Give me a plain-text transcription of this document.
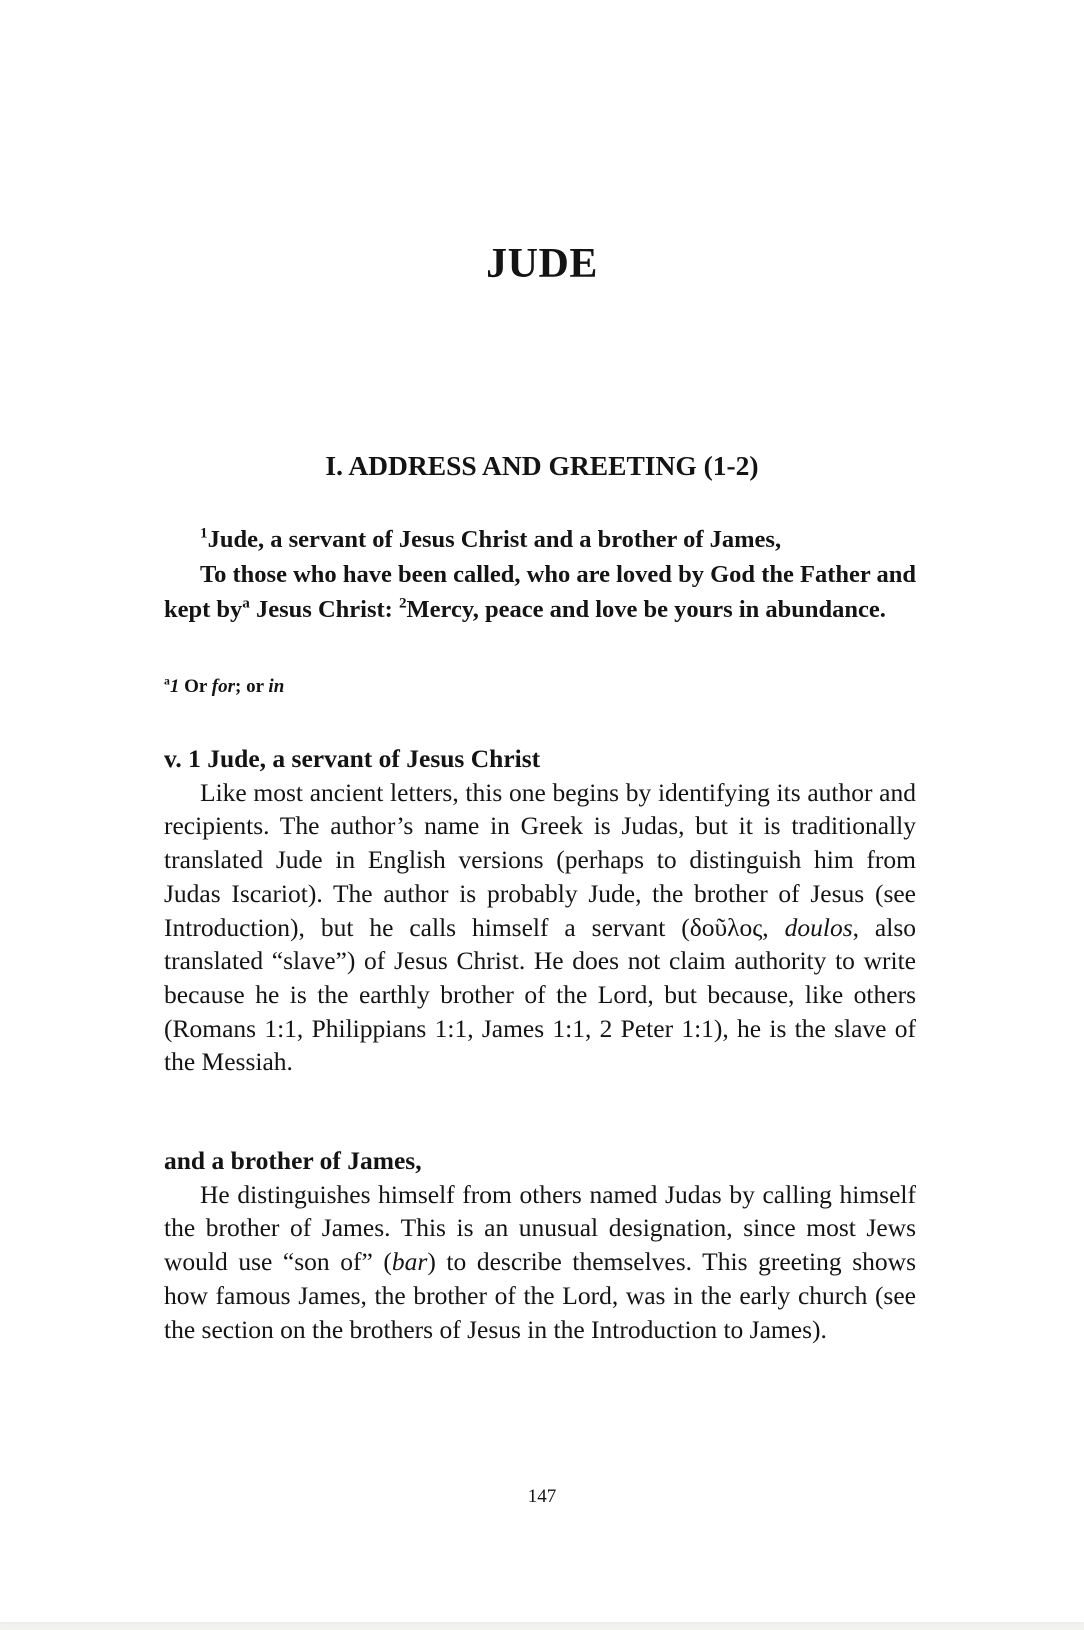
JUDE
I. ADDRESS AND GREETING (1-2)

$^1$Jude, a servant of Jesus Christ and a brother of James,

To those who have been called, who are loved by God the Father and kept $by^a$ Jesus Christ: $^2$Mercy, peace and love be yours in abundance.

$^a$1 Or for; or in

v. 1 Jude, a servant of Jesus Christ

Like most ancient letters, this one begins by identifying its author and recipients. The author’s name in Greek is Judas, but it is traditionally translated Jude in English versions (perhaps to distinguish him from Judas Iscariot). The author is probably Jude, the brother of Jesus (see Introduction), but he calls himself a servant (δοῦλος, doulos, also translated “slave”) of Jesus Christ. He does not claim authority to write because he is the earthly brother of the Lord, but because, like others (Romans 1:1, Philippians 1:1, James 1:1, 2 Peter 1:1), he is the slave of the Messiah.

and a brother of James,

He distinguishes himself from others named Judas by calling himself the brother of James. This is an unusual designation, since most Jews would use “son of” (bar) to describe themselves. This greeting shows how famous James, the brother of the Lord, was in the early church (see the section on the brothers of Jesus in the Introduction to James).

147
